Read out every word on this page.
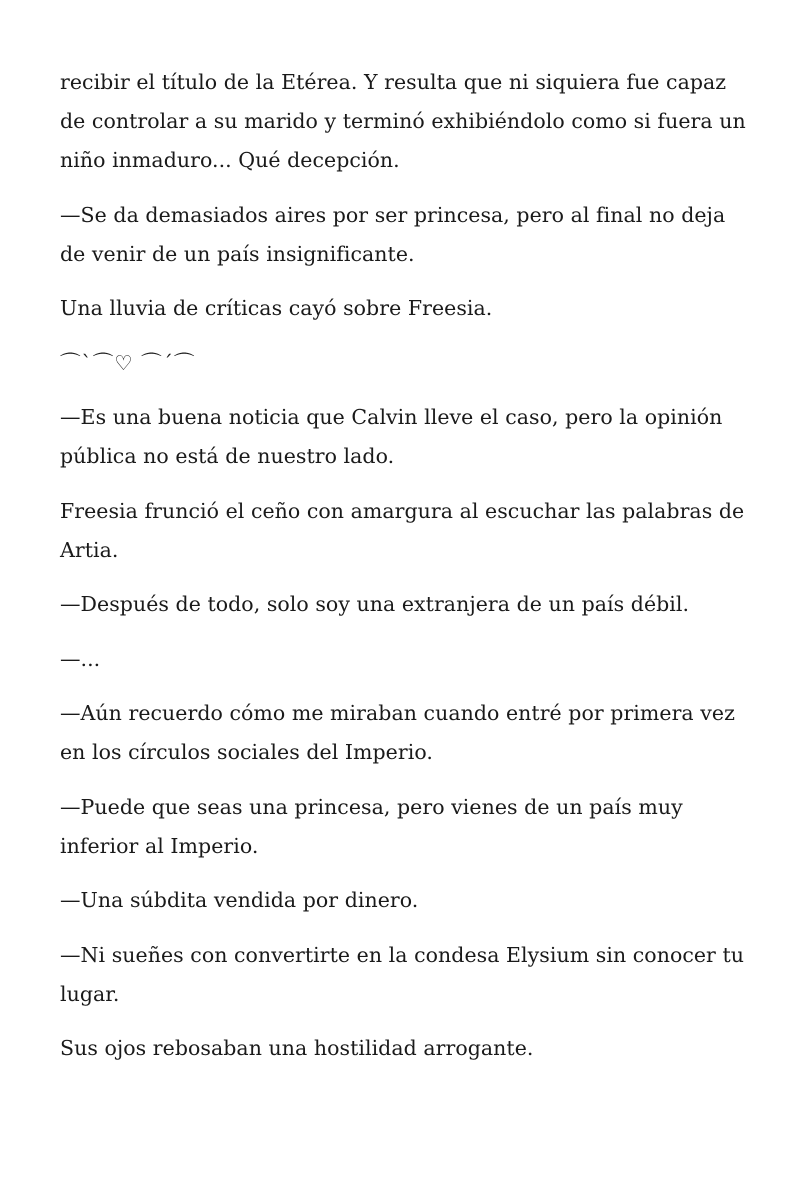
recibir el título de la Etérea. Y resulta que ni siquiera fue capaz de controlar a su marido y terminó exhibiéndolo como si fuera un niño inmaduro... Qué decepción.

—Se da demasiados aires por ser princesa, pero al final no deja de venir de un país insignificante.

Una lluvia de críticas cayó sobre Freesia.

⌒`⌒♡ ⌒´⌒

—Es una buena noticia que Calvin lleve el caso, pero la opinión pública no está de nuestro lado.

Freesia frunció el ceño con amargura al escuchar las palabras de Artia.

—Después de todo, solo soy una extranjera de un país débil.

—...

—Aún recuerdo cómo me miraban cuando entré por primera vez en los círculos sociales del Imperio.

—Puede que seas una princesa, pero vienes de un país muy inferior al Imperio.

—Una súbdita vendida por dinero.

—Ni sueñes con convertirte en la condesa Elysium sin conocer tu lugar.

Sus ojos rebosaban una hostilidad arrogante.
